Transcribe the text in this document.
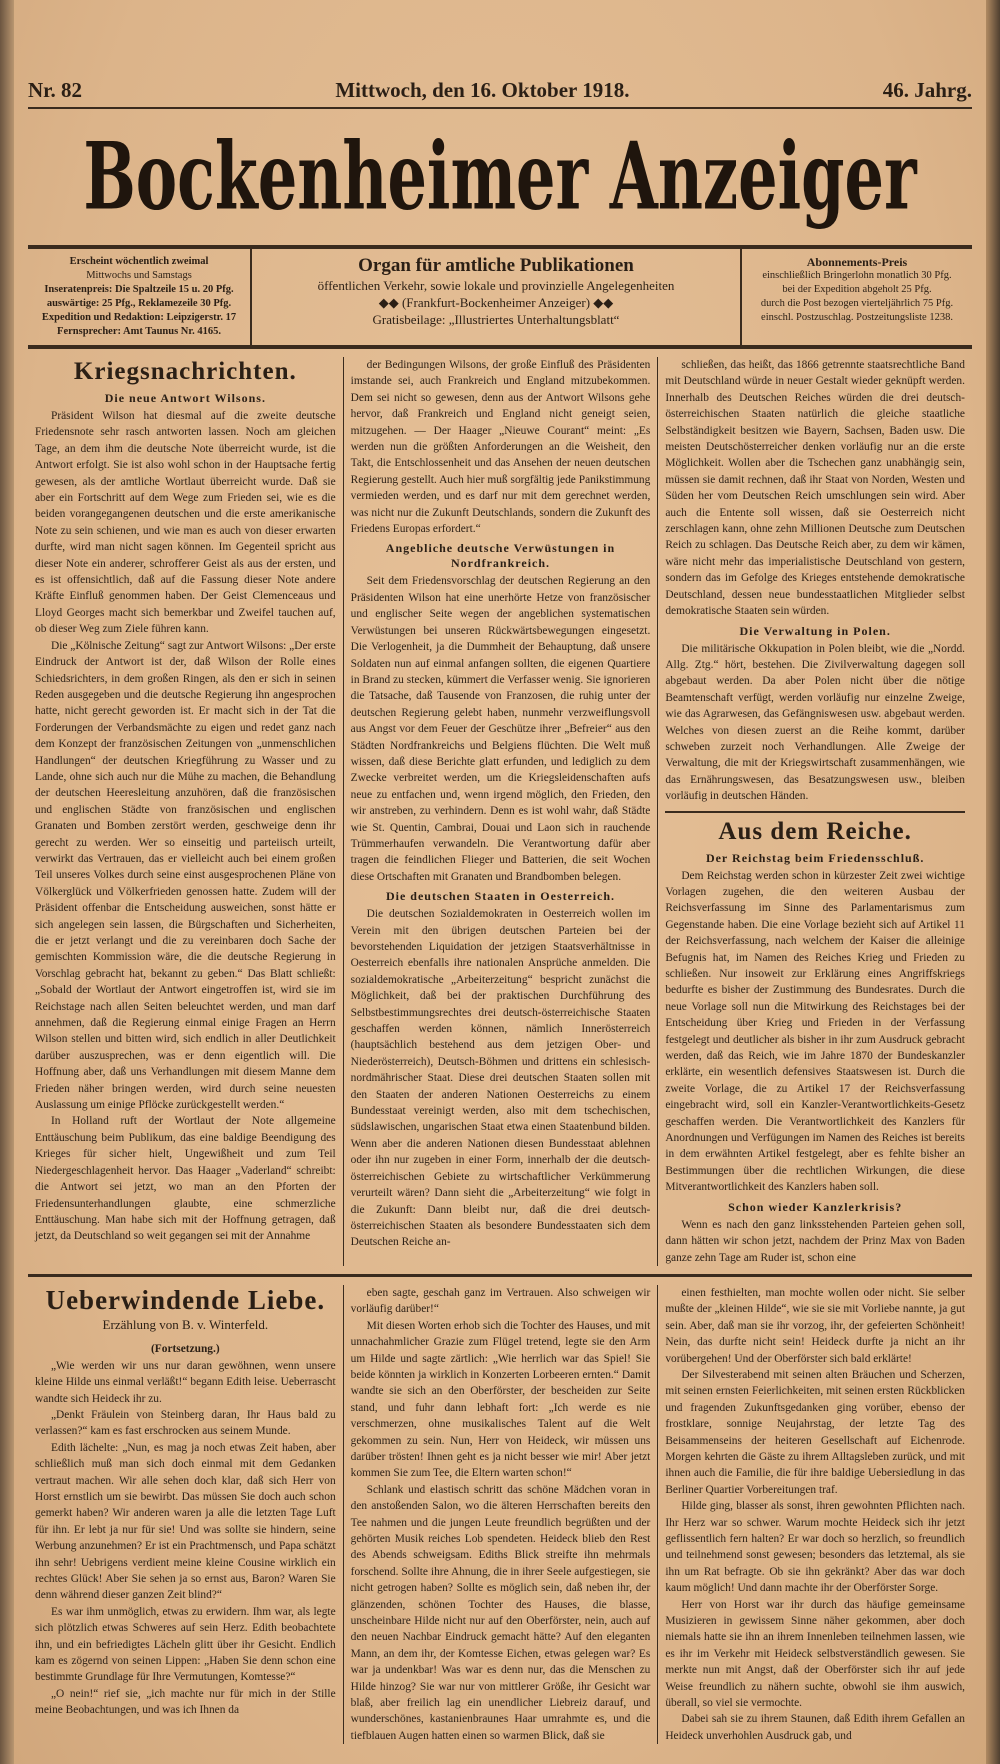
Nr. 82	Mittwoch, den 16. Oktober 1918.	46. Jahrg.
Bockenheimer Anzeiger
Erscheint wöchentlich zweimal
Mittwochs und Samstags
Inseratenpreis: Die Spaltzeile 15 u. 20 Pfg.
auswärtige: 25 Pfg., Reklamezeile 30 Pfg.
Expedition und Redaktion: Leipzigerstr. 17
Fernsprecher: Amt Taunus Nr. 4165.
Organ für amtliche Publikationen
öffentlichen Verkehr, sowie lokale und provinzielle Angelegenheiten
◆◆ (Frankfurt-Bockenheimer Anzeiger) ◆◆
Gratisbeilage: „Illustriertes Unterhaltungsblatt“
Abonnements-Preis
einschließlich Bringerlohn monatlich 30 Pfg.
bei der Expedition abgeholt 25 Pfg.
durch die Post bezogen vierteljährlich 75 Pfg.
einschl. Postzuschlag. Postzeitungsliste 1238.
Kriegsnachrichten.
Die neue Antwort Wilsons.

Präsident Wilson hat diesmal auf die zweite deutsche Friedensnote sehr rasch antworten lassen. Noch am gleichen Tage, an dem ihm die deutsche Note überreicht wurde, ist die Antwort erfolgt. Sie ist also wohl schon in der Hauptsache fertig gewesen, als der amtliche Wortlaut überreicht wurde. Daß sie aber ein Fortschritt auf dem Wege zum Frieden sei, wie es die beiden vorangegangenen deutschen und die erste amerikanische Note zu sein schienen, und wie man es auch von dieser erwarten durfte, wird man nicht sagen können. Im Gegenteil spricht aus dieser Note ein anderer, schrofferer Geist als aus der ersten, und es ist offensichtlich, daß auf die Fassung dieser Note andere Kräfte Einfluß genommen haben. Der Geist Clemenceaus und Lloyd Georges macht sich bemerkbar und Zweifel tauchen auf, ob dieser Weg zum Ziele führen kann.

Die „Kölnische Zeitung“ sagt zur Antwort Wilsons: „Der erste Eindruck der Antwort ist der, daß Wilson der Rolle eines Schiedsrichters, in dem großen Ringen, als den er sich in seinen Reden ausgegeben und die deutsche Regierung ihn angesprochen hatte, nicht gerecht geworden ist. Er macht sich in der Tat die Forderungen der Verbandsmächte zu eigen und redet ganz nach dem Konzept der französischen Zeitungen von „unmenschlichen Handlungen“ der deutschen Kriegführung zu Wasser und zu Lande, ohne sich auch nur die Mühe zu machen, die Behandlung der deutschen Heeresleitung anzuhören, daß die französischen und englischen Städte von französischen und englischen Granaten und Bomben zerstört werden, geschweige denn ihr gerecht zu werden. Wer so einseitig und parteiisch urteilt, verwirkt das Vertrauen, das er vielleicht auch bei einem großen Teil unseres Volkes durch seine einst ausgesprochenen Pläne von Völkerglück und Völkerfrieden genossen hatte. Zudem will der Präsident offenbar die Entscheidung ausweichen, sonst hätte er sich angelegen sein lassen, die Bürgschaften und Sicherheiten, die er jetzt verlangt und die zu vereinbaren doch Sache der gemischten Kommission wäre, die die deutsche Regierung in Vorschlag gebracht hat, bekannt zu geben.“ Das Blatt schließt: „Sobald der Wortlaut der Antwort eingetroffen ist, wird sie im Reichstage nach allen Seiten beleuchtet werden, und man darf annehmen, daß die Regierung einmal einige Fragen an Herrn Wilson stellen und bitten wird, sich endlich in aller Deutlichkeit darüber auszusprechen, was er denn eigentlich will. Die Hoffnung aber, daß uns Verhandlungen mit diesem Manne dem Frieden näher bringen werden, wird durch seine neuesten Auslassung um einige Pflöcke zurückgestellt werden.“

In Holland ruft der Wortlaut der Note allgemeine Enttäuschung beim Publikum, das eine baldige Beendigung des Krieges für sicher hielt, Ungewißheit und zum Teil Niedergeschlagenheit hervor. Das Haager „Vaderland“ schreibt: die Antwort sei jetzt, wo man an den Pforten der Friedensunterhandlungen glaubte, eine schmerzliche Enttäuschung. Man habe sich mit der Hoffnung getragen, daß jetzt, da Deutschland so weit gegangen sei mit der Annahme

der Bedingungen Wilsons, der große Einfluß des Präsidenten imstande sei, auch Frankreich und England mitzubekommen. Dem sei nicht so gewesen, denn aus der Antwort Wilsons gehe hervor, daß Frankreich und England nicht geneigt seien, mitzugehen. — Der Haager „Nieuwe Courant“ meint: „Es werden nun die größten Anforderungen an die Weisheit, den Takt, die Entschlossenheit und das Ansehen der neuen deutschen Regierung gestellt. Auch hier muß sorgfältig jede Panikstimmung vermieden werden, und es darf nur mit dem gerechnet werden, was nicht nur die Zukunft Deutschlands, sondern die Zukunft des Friedens Europas erfordert.“

Angebliche deutsche Verwüstungen in Nordfrankreich.

Seit dem Friedensvorschlag der deutschen Regierung an den Präsidenten Wilson hat eine unerhörte Hetze von französischer und englischer Seite wegen der angeblichen systematischen Verwüstungen bei unseren Rückwärtsbewegungen eingesetzt. Die Verlogenheit, ja die Dummheit der Behauptung, daß unsere Soldaten nun auf einmal anfangen sollten, die eigenen Quartiere in Brand zu stecken, kümmert die Verfasser wenig. Sie ignorieren die Tatsache, daß Tausende von Franzosen, die ruhig unter der deutschen Regierung gelebt haben, nunmehr verzweiflungsvoll aus Angst vor dem Feuer der Geschütze ihrer „Befreier“ aus den Städten Nordfrankreichs und Belgiens flüchten. Die Welt muß wissen, daß diese Berichte glatt erfunden, und lediglich zu dem Zwecke verbreitet werden, um die Kriegsleidenschaften aufs neue zu entfachen und, wenn irgend möglich, den Frieden, den wir anstreben, zu verhindern. Denn es ist wohl wahr, daß Städte wie St. Quentin, Cambrai, Douai und Laon sich in rauchende Trümmerhaufen verwandeln. Die Verantwortung dafür aber tragen die feindlichen Flieger und Batterien, die seit Wochen diese Ortschaften mit Granaten und Brandbomben belegen.

Die deutschen Staaten in Oesterreich.

Die deutschen Sozialdemokraten in Oesterreich wollen im Verein mit den übrigen deutschen Parteien bei der bevorstehenden Liquidation der jetzigen Staatsverhältnisse in Oesterreich ebenfalls ihre nationalen Ansprüche anmelden. Die sozialdemokratische „Arbeiterzeitung“ bespricht zunächst die Möglichkeit, daß bei der praktischen Durchführung des Selbstbestimmungsrechtes drei deutsch-österreichische Staaten geschaffen werden können, nämlich Innerösterreich (hauptsächlich bestehend aus dem jetzigen Ober- und Niederösterreich), Deutsch-Böhmen und drittens ein schlesisch-nordmährischer Staat. Diese drei deutschen Staaten sollen mit den Staaten der anderen Nationen Oesterreichs zu einem Bundesstaat vereinigt werden, also mit dem tschechischen, südslawischen, ungarischen Staat etwa einen Staatenbund bilden. Wenn aber die anderen Nationen diesen Bundesstaat ablehnen oder ihn nur zugeben in einer Form, innerhalb der die deutsch-österreichischen Gebiete zu wirtschaftlicher Verkümmerung verurteilt wären? Dann sieht die „Arbeiterzeitung“ wie folgt in die Zukunft: Dann bleibt nur, daß die drei deutsch-österreichischen Staaten als besondere Bundesstaaten sich dem Deutschen Reiche an-

schließen, das heißt, das 1866 getrennte staatsrechtliche Band mit Deutschland würde in neuer Gestalt wieder geknüpft werden. Innerhalb des Deutschen Reiches würden die drei deutsch-österreichischen Staaten natürlich die gleiche staatliche Selbständigkeit besitzen wie Bayern, Sachsen, Baden usw. Die meisten Deutschösterreicher denken vorläufig nur an die erste Möglichkeit. Wollen aber die Tschechen ganz unabhängig sein, müssen sie damit rechnen, daß ihr Staat von Norden, Westen und Süden her vom Deutschen Reich umschlungen sein wird. Aber auch die Entente soll wissen, daß sie Oesterreich nicht zerschlagen kann, ohne zehn Millionen Deutsche zum Deutschen Reich zu schlagen. Das Deutsche Reich aber, zu dem wir kämen, wäre nicht mehr das imperialistische Deutschland von gestern, sondern das im Gefolge des Krieges entstehende demokratische Deutschland, dessen neue bundesstaatlichen Mitglieder selbst demokratische Staaten sein würden.

Die Verwaltung in Polen.

Die militärische Okkupation in Polen bleibt, wie die „Nordd. Allg. Ztg.“ hört, bestehen. Die Zivilverwaltung dagegen soll abgebaut werden. Da aber Polen nicht über die nötige Beamtenschaft verfügt, werden vorläufig nur einzelne Zweige, wie das Agrarwesen, das Gefängniswesen usw. abgebaut werden. Welches von diesen zuerst an die Reihe kommt, darüber schweben zurzeit noch Verhandlungen. Alle Zweige der Verwaltung, die mit der Kriegswirtschaft zusammenhängen, wie das Ernährungswesen, das Besatzungswesen usw., bleiben vorläufig in deutschen Händen.

Aus dem Reiche.
Der Reichstag beim Friedensschluß.

Dem Reichstag werden schon in kürzester Zeit zwei wichtige Vorlagen zugehen, die den weiteren Ausbau der Reichsverfassung im Sinne des Parlamentarismus zum Gegenstande haben. Die eine Vorlage bezieht sich auf Artikel 11 der Reichsverfassung, nach welchem der Kaiser die alleinige Befugnis hat, im Namen des Reiches Krieg und Frieden zu schließen. Nur insoweit zur Erklärung eines Angriffskriegs bedurfte es bisher der Zustimmung des Bundesrates. Durch die neue Vorlage soll nun die Mitwirkung des Reichstages bei der Entscheidung über Krieg und Frieden in der Verfassung festgelegt und deutlicher als bisher in ihr zum Ausdruck gebracht werden, daß das Reich, wie im Jahre 1870 der Bundeskanzler erklärte, ein wesentlich defensives Staatswesen ist. Durch die zweite Vorlage, die zu Artikel 17 der Reichsverfassung eingebracht wird, soll ein Kanzler-Verantwortlichkeits-Gesetz geschaffen werden. Die Verantwortlichkeit des Kanzlers für Anordnungen und Verfügungen im Namen des Reiches ist bereits in dem erwähnten Artikel festgelegt, aber es fehlte bisher an Bestimmungen über die rechtlichen Wirkungen, die diese Mitverantwortlichkeit des Kanzlers haben soll.

Schon wieder Kanzlerkrisis?

Wenn es nach den ganz linksstehenden Parteien gehen soll, dann hätten wir schon jetzt, nachdem der Prinz Max von Baden ganze zehn Tage am Ruder ist, schon eine

Ueberwindende Liebe.

Erzählung von B. v. Winterfeld.

(Fortsetzung.)

„Wie werden wir uns nur daran gewöhnen, wenn unsere kleine Hilde uns einmal verläßt!“ begann Edith leise. Ueberrascht wandte sich Heideck ihr zu.

„Denkt Fräulein von Steinberg daran, Ihr Haus bald zu verlassen?“ kam es fast erschrocken aus seinem Munde.

Edith lächelte: „Nun, es mag ja noch etwas Zeit haben, aber schließlich muß man sich doch einmal mit dem Gedanken vertraut machen. Wir alle sehen doch klar, daß sich Herr von Horst ernstlich um sie bewirbt. Das müssen Sie doch auch schon gemerkt haben? Wir anderen waren ja alle die letzten Tage Luft für ihn. Er lebt ja nur für sie! Und was sollte sie hindern, seine Werbung anzunehmen? Er ist ein Prachtmensch, und Papa schätzt ihn sehr! Uebrigens verdient meine kleine Cousine wirklich ein rechtes Glück! Aber Sie sehen ja so ernst aus, Baron? Waren Sie denn während dieser ganzen Zeit blind?“

Es war ihm unmöglich, etwas zu erwidern. Ihm war, als legte sich plötzlich etwas Schweres auf sein Herz. Edith beobachtete ihn, und ein befriedigtes Lächeln glitt über ihr Gesicht. Endlich kam es zögernd von seinen Lippen: „Haben Sie denn schon eine bestimmte Grundlage für Ihre Vermutungen, Komtesse?“

„O nein!“ rief sie, „ich machte nur für mich in der Stille meine Beobachtungen, und was ich Ihnen da

eben sagte, geschah ganz im Vertrauen. Also schweigen wir vorläufig darüber!“

Mit diesen Worten erhob sich die Tochter des Hauses, und mit unnachahmlicher Grazie zum Flügel tretend, legte sie den Arm um Hilde und sagte zärtlich: „Wie herrlich war das Spiel! Sie beide könnten ja wirklich in Konzerten Lorbeeren ernten.“ Damit wandte sie sich an den Oberförster, der bescheiden zur Seite stand, und fuhr dann lebhaft fort: „Ich werde es nie verschmerzen, ohne musikalisches Talent auf die Welt gekommen zu sein. Nun, Herr von Heideck, wir müssen uns darüber trösten! Ihnen geht es ja nicht besser wie mir! Aber jetzt kommen Sie zum Tee, die Eltern warten schon!“

Schlank und elastisch schritt das schöne Mädchen voran in den anstoßenden Salon, wo die älteren Herrschaften bereits den Tee nahmen und die jungen Leute freundlich begrüßten und der gehörten Musik reiches Lob spendeten. Heideck blieb den Rest des Abends schweigsam. Ediths Blick streifte ihn mehrmals forschend. Sollte ihre Ahnung, die in ihrer Seele aufgestiegen, sie nicht getrogen haben? Sollte es möglich sein, daß neben ihr, der glänzenden, schönen Tochter des Hauses, die blasse, unscheinbare Hilde nicht nur auf den Oberförster, nein, auch auf den neuen Nachbar Eindruck gemacht hätte? Auf den eleganten Mann, an dem ihr, der Komtesse Eichen, etwas gelegen war? Es war ja undenkbar! Was war es denn nur, das die Menschen zu Hilde hinzog? Sie war nur von mittlerer Größe, ihr Gesicht war blaß, aber freilich lag ein unendlicher Liebreiz darauf, und wunderschönes, kastanienbraunes Haar umrahmte es, und die tiefblauen Augen hatten einen so warmen Blick, daß sie

einen festhielten, man mochte wollen oder nicht. Sie selber mußte der „kleinen Hilde“, wie sie sie mit Vorliebe nannte, ja gut sein. Aber, daß man sie ihr vorzog, ihr, der gefeierten Schönheit! Nein, das durfte nicht sein! Heideck durfte ja nicht an ihr vorübergehen! Und der Oberförster sich bald erklärte!

Der Silvesterabend mit seinen alten Bräuchen und Scherzen, mit seinen ernsten Feierlichkeiten, mit seinen ersten Rückblicken und fragenden Zukunftsgedanken ging vorüber, ebenso der frostklare, sonnige Neujahrstag, der letzte Tag des Beisammenseins der heiteren Gesellschaft auf Eichenrode. Morgen kehrten die Gäste zu ihrem Alltagsleben zurück, und mit ihnen auch die Familie, die für ihre baldige Uebersiedlung in das Berliner Quartier Vorbereitungen traf.

Hilde ging, blasser als sonst, ihren gewohnten Pflichten nach. Ihr Herz war so schwer. Warum mochte Heideck sich ihr jetzt geflissentlich fern halten? Er war doch so herzlich, so freundlich und teilnehmend sonst gewesen; besonders das letztemal, als sie ihn um Rat befragte. Ob sie ihn gekränkt? Aber das war doch kaum möglich! Und dann machte ihr der Oberförster Sorge.

Herr von Horst war ihr durch das häufige gemeinsame Musizieren in gewissem Sinne näher gekommen, aber doch niemals hatte sie ihn an ihrem Innenleben teilnehmen lassen, wie es ihr im Verkehr mit Heideck selbstverständlich gewesen. Sie merkte nun mit Angst, daß der Oberförster sich ihr auf jede Weise freundlich zu nähern suchte, obwohl sie ihm auswich, überall, so viel sie vermochte.

Dabei sah sie zu ihrem Staunen, daß Edith ihrem Gefallen an Heideck unverhohlen Ausdruck gab, und
